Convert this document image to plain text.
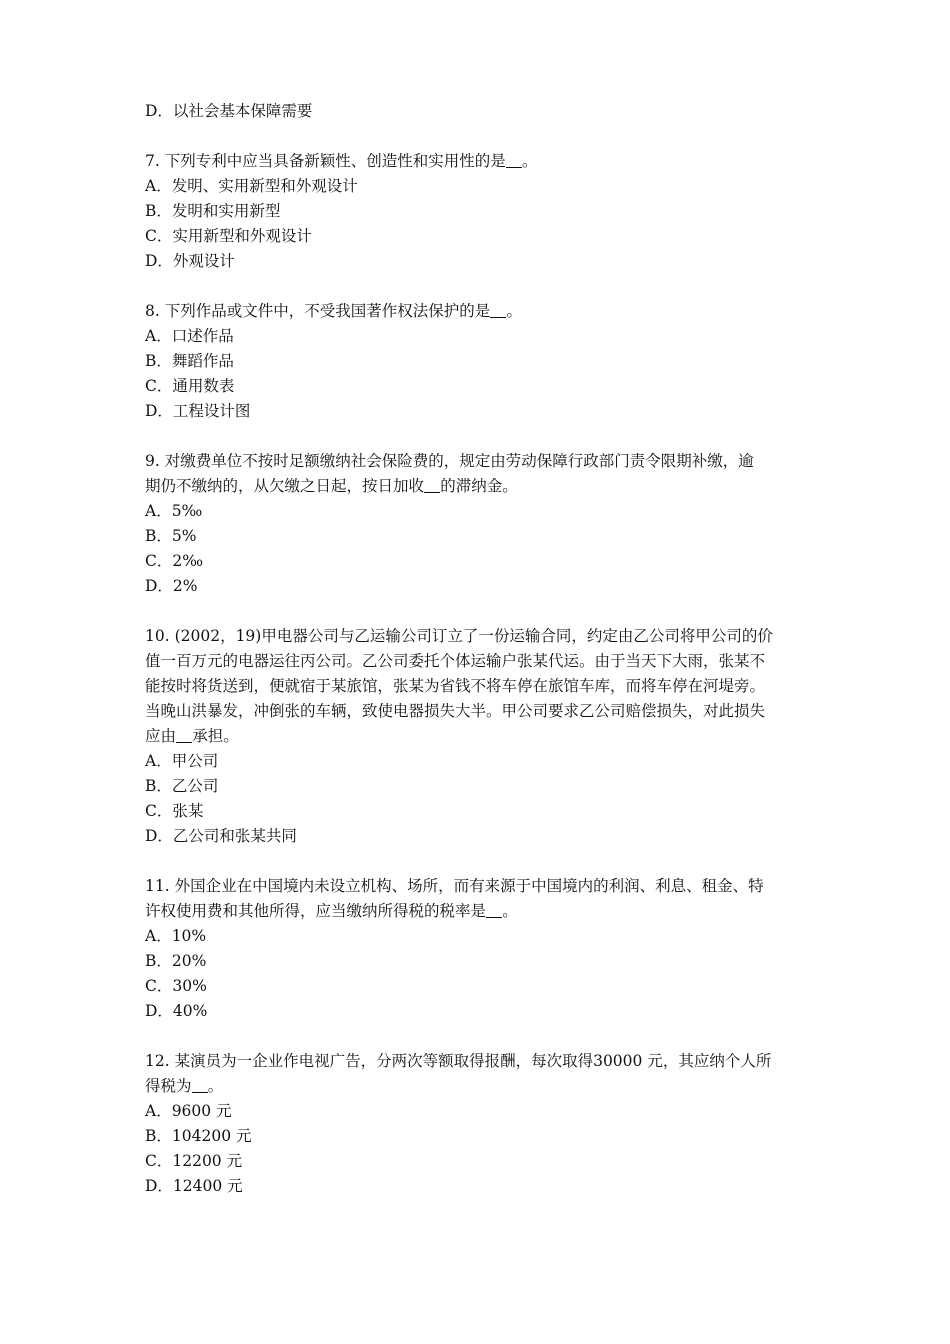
D．以社会基本保障需要
7. 下列专利中应当具备新颖性、创造性和实用性的是 。
A．发明、实用新型和外观设计
B．发明和实用新型
C．实用新型和外观设计
D．外观设计
8. 下列作品或文件中，不受我国著作权法保护的是 。
A．口述作品
B．舞蹈作品
C．通用数表
D．工程设计图
9. 对缴费单位不按时足额缴纳社会保险费的，规定由劳动保障行政部门责令限期补缴，逾
期仍不缴纳的，从欠缴之日起，按日加收 的滞纳金。
A．5‰
B．5%
C．2‰
D．2%
10. (2002，19)甲电器公司与乙运输公司订立了一份运输合同，约定由乙公司将甲公司的价
值一百万元的电器运往丙公司。乙公司委托个体运输户张某代运。由于当天下大雨，张某不
能按时将货送到，便就宿于某旅馆，张某为省钱不将车停在旅馆车库，而将车停在河堤旁。
当晚山洪暴发，冲倒张的车辆，致使电器损失大半。甲公司要求乙公司赔偿损失，对此损失
应由 承担。
A．甲公司
B．乙公司
C．张某
D．乙公司和张某共同
11. 外国企业在中国境内未设立机构、场所，而有来源于中国境内的利润、利息、租金、特
许权使用费和其他所得，应当缴纳所得税的税率是 。
A．10%
B．20%
C．30%
D．40%
12. 某演员为一企业作电视广告，分两次等额取得报酬，每次取得30000 元，其应纳个人所
得税为 。
A．9600 元
B．104200 元
C．12200 元
D．12400 元
